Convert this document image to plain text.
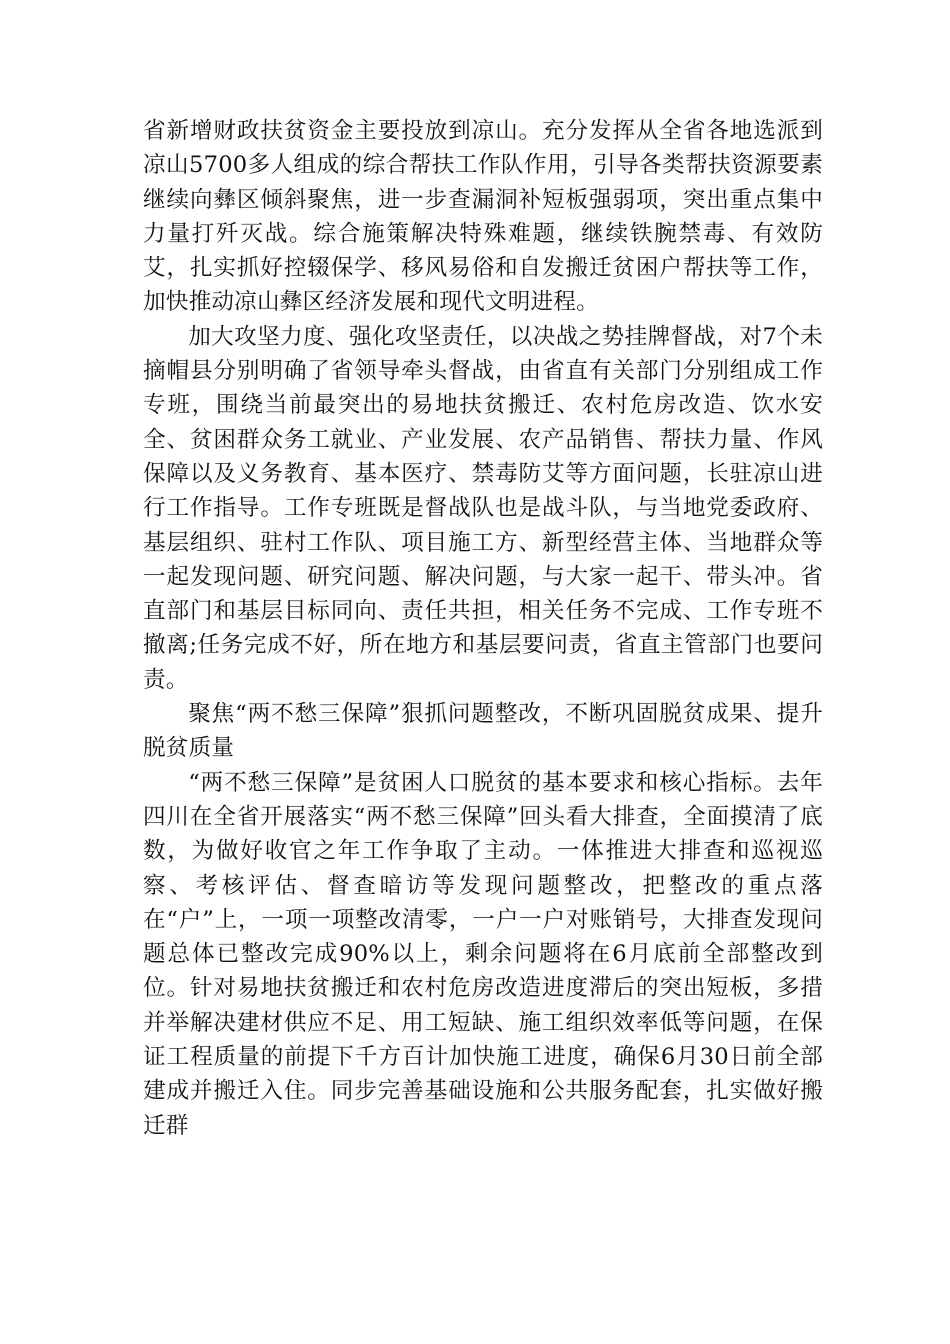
省新增财政扶贫资金主要投放到凉山。充分发挥从全省各地选派到凉山5700多人组成的综合帮扶工作队作用，引导各类帮扶资源要素继续向彝区倾斜聚焦，进一步查漏洞补短板强弱项，突出重点集中力量打歼灭战。综合施策解决特殊难题，继续铁腕禁毒、有效防艾，扎实抓好控辍保学、移风易俗和自发搬迁贫困户帮扶等工作，加快推动凉山彝区经济发展和现代文明进程。

加大攻坚力度、强化攻坚责任，以决战之势挂牌督战，对7个未摘帽县分别明确了省领导牵头督战，由省直有关部门分别组成工作专班，围绕当前最突出的易地扶贫搬迁、农村危房改造、饮水安全、贫困群众务工就业、产业发展、农产品销售、帮扶力量、作风保障以及义务教育、基本医疗、禁毒防艾等方面问题，长驻凉山进行工作指导。工作专班既是督战队也是战斗队，与当地党委政府、基层组织、驻村工作队、项目施工方、新型经营主体、当地群众等一起发现问题、研究问题、解决问题，与大家一起干、带头冲。省直部门和基层目标同向、责任共担，相关任务不完成、工作专班不撤离;任务完成不好，所在地方和基层要问责，省直主管部门也要问责。

聚焦“两不愁三保障”狠抓问题整改，不断巩固脱贫成果、提升脱贫质量

“两不愁三保障”是贫困人口脱贫的基本要求和核心指标。去年四川在全省开展落实“两不愁三保障”回头看大排查，全面摸清了底数，为做好收官之年工作争取了主动。一体推进大排查和巡视巡察、考核评估、督查暗访等发现问题整改，把整改的重点落在“户”上，一项一项整改清零，一户一户对账销号，大排查发现问题总体已整改完成90%以上，剩余问题将在6月底前全部整改到位。针对易地扶贫搬迁和农村危房改造进度滞后的突出短板，多措并举解决建材供应不足、用工短缺、施工组织效率低等问题，在保证工程质量的前提下千方百计加快施工进度，确保6月30日前全部建成并搬迁入住。同步完善基础设施和公共服务配套，扎实做好搬迁群
